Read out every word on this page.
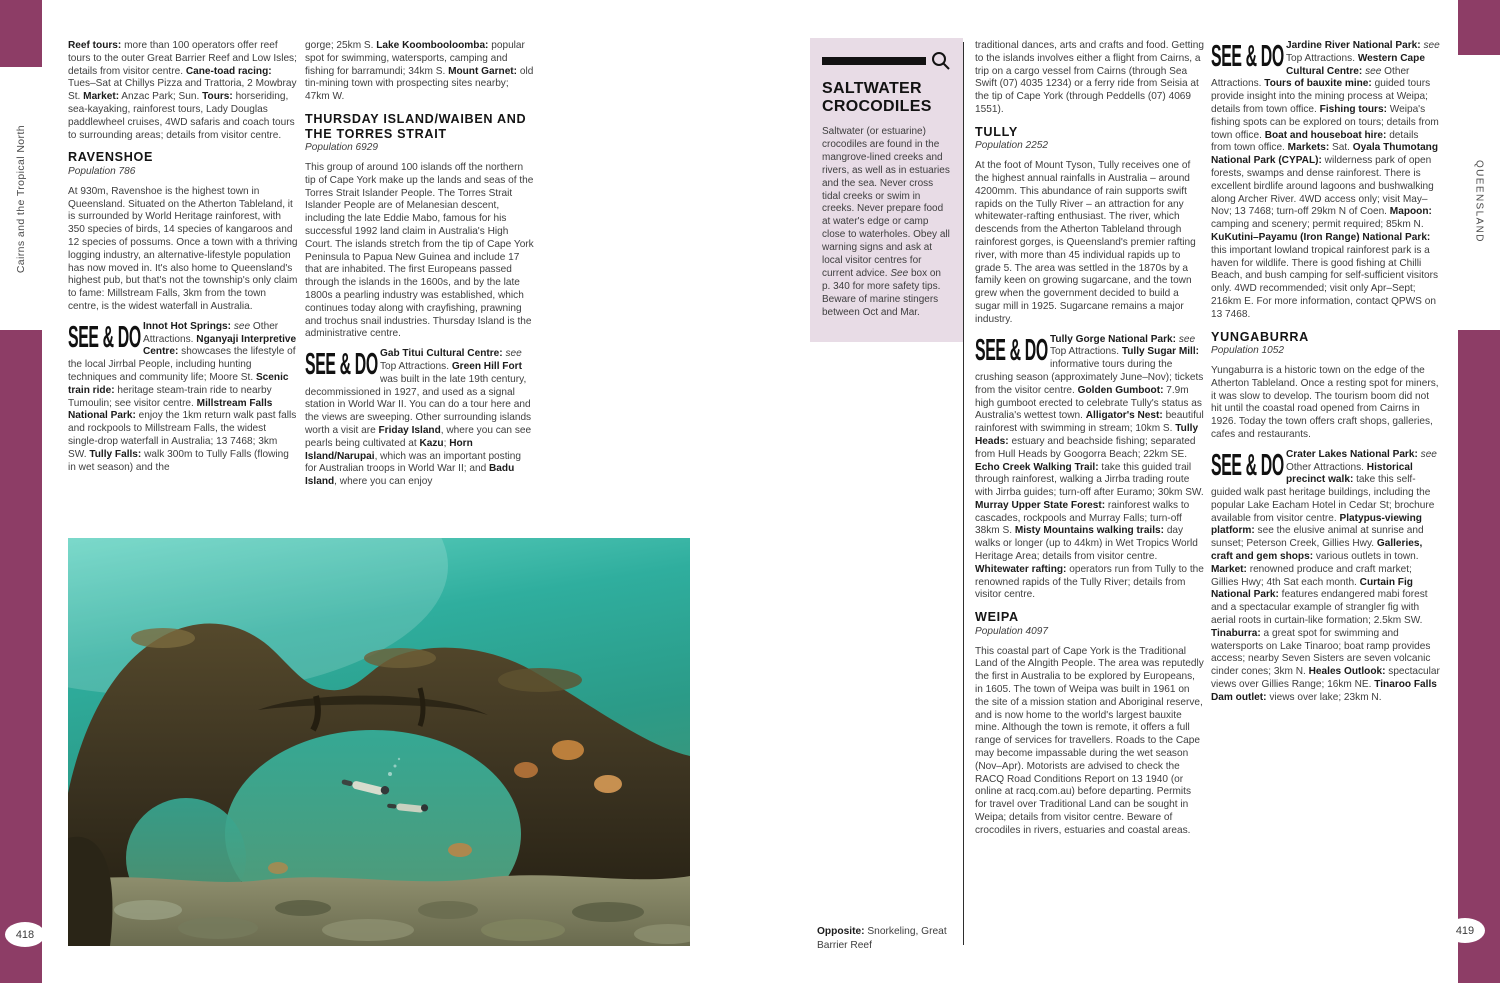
Cairns and the Tropical North
418
QUEENSLAND
419

Reef tours: more than 100 operators offer reef tours to the outer Great Barrier Reef and Low Isles; details from visitor centre. Cane-toad racing: Tues–Sat at Chillys Pizza and Trattoria, 2 Mowbray St. Market: Anzac Park; Sun. Tours: horseriding, sea-kayaking, rainforest tours, Lady Douglas paddlewheel cruises, 4WD safaris and coach tours to surrounding areas; details from visitor centre.

RAVENSHOE

Population 786

At 930m, Ravenshoe is the highest town in Queensland. Situated on the Atherton Tableland, it is surrounded by World Heritage rainforest, with 350 species of birds, 14 species of kangaroos and 12 species of possums. Once a town with a thriving logging industry, an alternative-lifestyle population has now moved in. It's also home to Queensland's highest pub, but that's not the township's only claim to fame: Millstream Falls, 3km from the town centre, is the widest waterfall in Australia.

SEE & DO Innot Hot Springs: see Other Attractions. Nganyaji Interpretive Centre: showcases the lifestyle of the local Jirrbal People, including hunting techniques and community life; Moore St. Scenic train ride: heritage steam-train ride to nearby Tumoulin; see visitor centre. Millstream Falls National Park: enjoy the 1km return walk past falls and rockpools to Millstream Falls, the widest single-drop waterfall in Australia; 13 7468; 3km SW. Tully Falls: walk 300m to Tully Falls (flowing in wet season) and the

gorge; 25km S. Lake Koombooloomba: popular spot for swimming, watersports, camping and fishing for barramundi; 34km S. Mount Garnet: old tin-mining town with prospecting sites nearby; 47km W.

THURSDAY ISLAND/WAIBEN AND THE TORRES STRAIT

Population 6929

This group of around 100 islands off the northern tip of Cape York make up the lands and seas of the Torres Strait Islander People. The Torres Strait Islander People are of Melanesian descent, including the late Eddie Mabo, famous for his successful 1992 land claim in Australia's High Court. The islands stretch from the tip of Cape York Peninsula to Papua New Guinea and include 17 that are inhabited. The first Europeans passed through the islands in the 1600s, and by the late 1800s a pearling industry was established, which continues today along with crayfishing, prawning and trochus snail industries. Thursday Island is the administrative centre.

SEE & DO Gab Titui Cultural Centre: see Top Attractions. Green Hill Fort was built in the late 19th century, decommissioned in 1927, and used as a signal station in World War II. You can do a tour here and the views are sweeping. Other surrounding islands worth a visit are Friday Island, where you can see pearls being cultivated at Kazu; Horn Island/Narupai, which was an important posting for Australian troops in World War II; and Badu Island, where you can enjoy

traditional dances, arts and crafts and food. Getting to the islands involves either a flight from Cairns, a trip on a cargo vessel from Cairns (through Sea Swift (07) 4035 1234) or a ferry ride from Seisia at the tip of Cape York (through Peddells (07) 4069 1551).

TULLY

Population 2252

At the foot of Mount Tyson, Tully receives one of the highest annual rainfalls in Australia – around 4200mm. This abundance of rain supports swift rapids on the Tully River – an attraction for any whitewater-rafting enthusiast. The river, which descends from the Atherton Tableland through rainforest gorges, is Queensland's premier rafting river, with more than 45 individual rapids up to grade 5. The area was settled in the 1870s by a family keen on growing sugarcane, and the town grew when the government decided to build a sugar mill in 1925. Sugarcane remains a major industry.

SEE & DO Tully Gorge National Park: see Top Attractions. Tully Sugar Mill: informative tours during the crushing season (approximately June–Nov); tickets from the visitor centre. Golden Gumboot: 7.9m high gumboot erected to celebrate Tully's status as Australia's wettest town. Alligator's Nest: beautiful rainforest with swimming in stream; 10km S. Tully Heads: estuary and beachside fishing; separated from Hull Heads by Googorra Beach; 22km SE. Echo Creek Walking Trail: take this guided trail through rainforest, walking a Jirrba trading route with Jirrba guides; turn-off after Euramo; 30km SW. Murray Upper State Forest: rainforest walks to cascades, rockpools and Murray Falls; turn-off 38km S. Misty Mountains walking trails: day walks or longer (up to 44km) in Wet Tropics World Heritage Area; details from visitor centre. Whitewater rafting: operators run from Tully to the renowned rapids of the Tully River; details from visitor centre.

WEIPA

Population 4097

This coastal part of Cape York is the Traditional Land of the Alngith People. The area was reputedly the first in Australia to be explored by Europeans, in 1605. The town of Weipa was built in 1961 on the site of a mission station and Aboriginal reserve, and is now home to the world's largest bauxite mine. Although the town is remote, it offers a full range of services for travellers. Roads to the Cape may become impassable during the wet season (Nov–Apr). Motorists are advised to check the RACQ Road Conditions Report on 13 1940 (or online at racq.com.au) before departing. Permits for travel over Traditional Land can be sought in Weipa; details from visitor centre. Beware of crocodiles in rivers, estuaries and coastal areas.

SEE & DO Jardine River National Park: see Top Attractions. Western Cape Cultural Centre: see Other Attractions. Tours of bauxite mine: guided tours provide insight into the mining process at Weipa; details from town office. Fishing tours: Weipa's fishing spots can be explored on tours; details from town office. Boat and houseboat hire: details from town office. Markets: Sat. Oyala Thumotang National Park (CYPAL): wilderness park of open forests, swamps and dense rainforest. There is excellent birdlife around lagoons and bushwalking along Archer River. 4WD access only; visit May–Nov; 13 7468; turn-off 29km N of Coen. Mapoon: camping and scenery; permit required; 85km N. KuKutini–Payamu (Iron Range) National Park: this important lowland tropical rainforest park is a haven for wildlife. There is good fishing at Chilli Beach, and bush camping for self-sufficient visitors only. 4WD recommended; visit only Apr–Sept; 216km E. For more information, contact QPWS on 13 7468.

YUNGABURRA

Population 1052

Yungaburra is a historic town on the edge of the Atherton Tableland. Once a resting spot for miners, it was slow to develop. The tourism boom did not hit until the coastal road opened from Cairns in 1926. Today the town offers craft shops, galleries, cafes and restaurants.

SEE & DO Crater Lakes National Park: see Other Attractions. Historical precinct walk: take this self-guided walk past heritage buildings, including the popular Lake Eacham Hotel in Cedar St; brochure available from visitor centre. Platypus-viewing platform: see the elusive animal at sunrise and sunset; Peterson Creek, Gillies Hwy. Galleries, craft and gem shops: various outlets in town. Market: renowned produce and craft market; Gillies Hwy; 4th Sat each month. Curtain Fig National Park: features endangered mabi forest and a spectacular example of strangler fig with aerial roots in curtain-like formation; 2.5km SW. Tinaburra: a great spot for swimming and watersports on Lake Tinaroo; boat ramp provides access; nearby Seven Sisters are seven volcanic cinder cones; 3km N. Heales Outlook: spectacular views over Gillies Range; 16km NE. Tinaroo Falls Dam outlet: views over lake; 23km N.

SALTWATER CROCODILES

Saltwater (or estuarine) crocodiles are found in the mangrove-lined creeks and rivers, as well as in estuaries and the sea. Never cross tidal creeks or swim in creeks. Never prepare food at water's edge or camp close to waterholes. Obey all warning signs and ask at local visitor centres for current advice. See box on p. 340 for more safety tips. Beware of marine stingers between Oct and Mar.

Opposite: Snorkeling, Great Barrier Reef
